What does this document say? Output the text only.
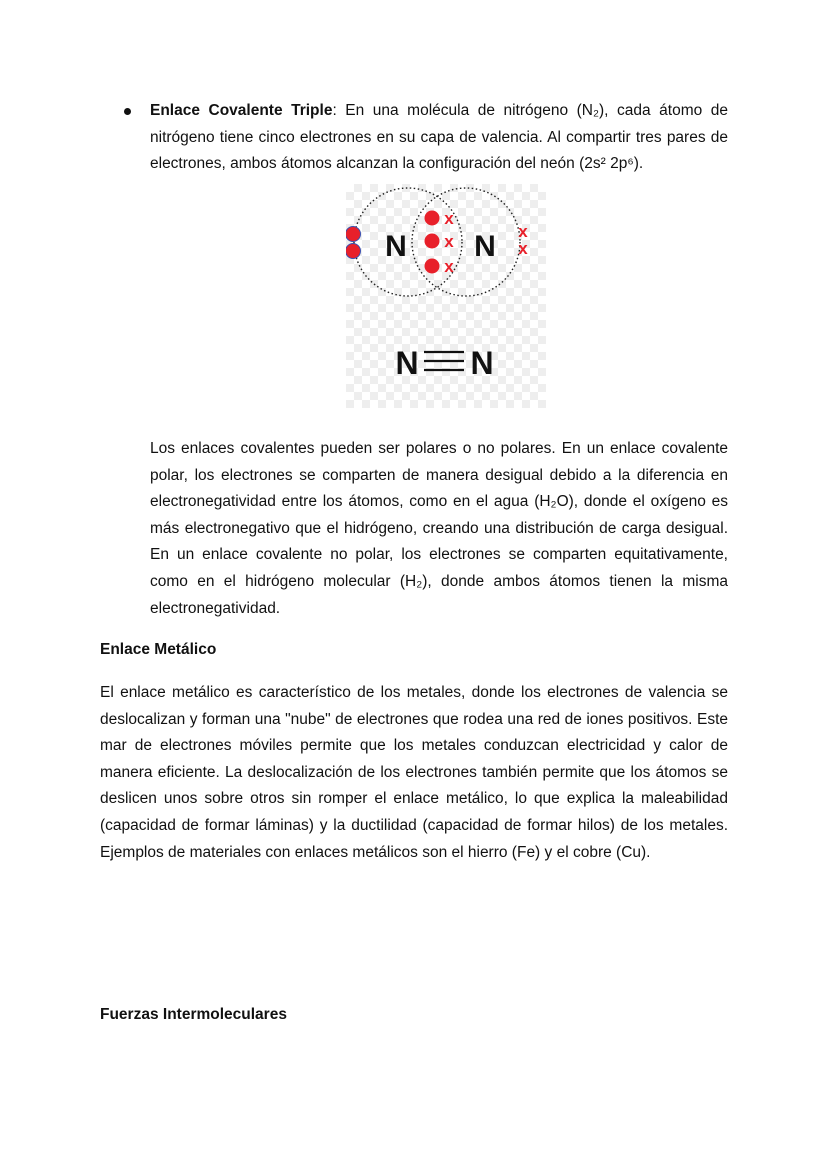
Enlace Covalente Triple: En una molécula de nitrógeno (N₂), cada átomo de nitrógeno tiene cinco electrones en su capa de valencia. Al compartir tres pares de electrones, ambos átomos alcanzan la configuración del neón (2s² 2p⁶).
N N
x
x
x
x
x
N N
Los enlaces covalentes pueden ser polares o no polares. En un enlace covalente polar, los electrones se comparten de manera desigual debido a la diferencia en electronegatividad entre los átomos, como en el agua (H₂O), donde el oxígeno es más electronegativo que el hidrógeno, creando una distribución de carga desigual. En un enlace covalente no polar, los electrones se comparten equitativamente, como en el hidrógeno molecular (H₂), donde ambos átomos tienen la misma electronegatividad.
Enlace Metálico
El enlace metálico es característico de los metales, donde los electrones de valencia se deslocalizan y forman una "nube" de electrones que rodea una red de iones positivos. Este mar de electrones móviles permite que los metales conduzcan electricidad y calor de manera eficiente. La deslocalización de los electrones también permite que los átomos se deslicen unos sobre otros sin romper el enlace metálico, lo que explica la maleabilidad (capacidad de formar láminas) y la ductilidad (capacidad de formar hilos) de los metales. Ejemplos de materiales con enlaces metálicos son el hierro (Fe) y el cobre (Cu).
Fuerzas Intermoleculares
